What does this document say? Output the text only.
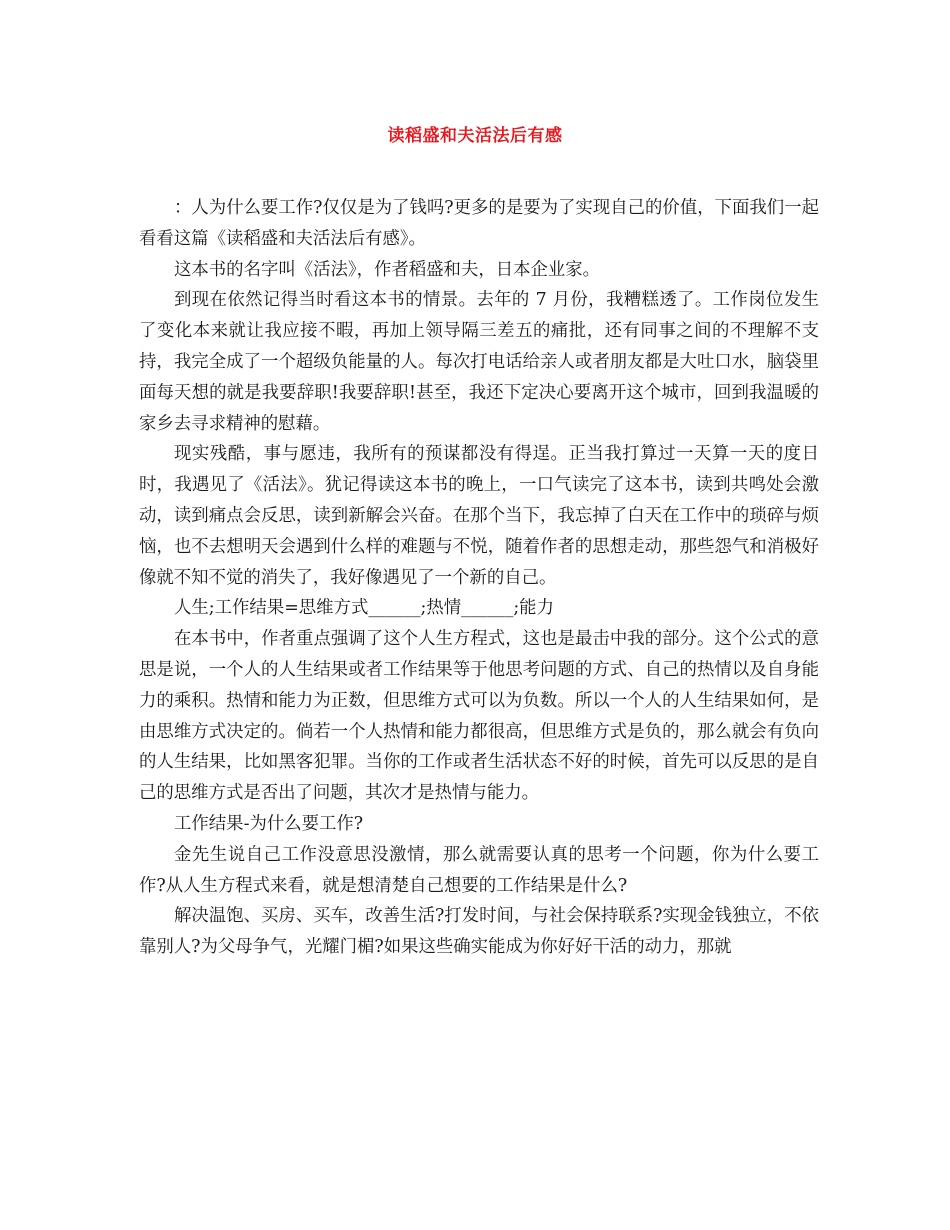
读稻盛和夫活法后有感

：人为什么要工作?仅仅是为了钱吗?更多的是要为了实现自己的价值，下面我们一起看看这篇《读稻盛和夫活法后有感》。

这本书的名字叫《活法》，作者稻盛和夫，日本企业家。

到现在依然记得当时看这本书的情景。去年的 7 月份，我糟糕透了。工作岗位发生了变化本来就让我应接不暇，再加上领导隔三差五的痛批，还有同事之间的不理解不支持，我完全成了一个超级负能量的人。每次打电话给亲人或者朋友都是大吐口水，脑袋里面每天想的就是我要辞职!我要辞职!甚至，我还下定决心要离开这个城市，回到我温暖的家乡去寻求精神的慰藉。

现实残酷，事与愿违，我所有的预谋都没有得逞。正当我打算过一天算一天的度日时，我遇见了《活法》。犹记得读这本书的晚上，一口气读完了这本书，读到共鸣处会激动，读到痛点会反思，读到新解会兴奋。在那个当下，我忘掉了白天在工作中的琐碎与烦恼，也不去想明天会遇到什么样的难题与不悦，随着作者的思想走动，那些怨气和消极好像就不知不觉的消失了，我好像遇见了一个新的自己。

人生;工作结果=思维方式______;热情______;能力

在本书中，作者重点强调了这个人生方程式，这也是最击中我的部分。这个公式的意思是说，一个人的人生结果或者工作结果等于他思考问题的方式、自己的热情以及自身能力的乘积。热情和能力为正数，但思维方式可以为负数。所以一个人的人生结果如何，是由思维方式决定的。倘若一个人热情和能力都很高，但思维方式是负的，那么就会有负向的人生结果，比如黑客犯罪。当你的工作或者生活状态不好的时候，首先可以反思的是自己的思维方式是否出了问题，其次才是热情与能力。

工作结果-为什么要工作?

金先生说自己工作没意思没激情，那么就需要认真的思考一个问题，你为什么要工作?从人生方程式来看，就是想清楚自己想要的工作结果是什么?

解决温饱、买房、买车，改善生活?打发时间，与社会保持联系?实现金钱独立，不依靠别人?为父母争气，光耀门楣?如果这些确实能成为你好好干活的动力，那就
